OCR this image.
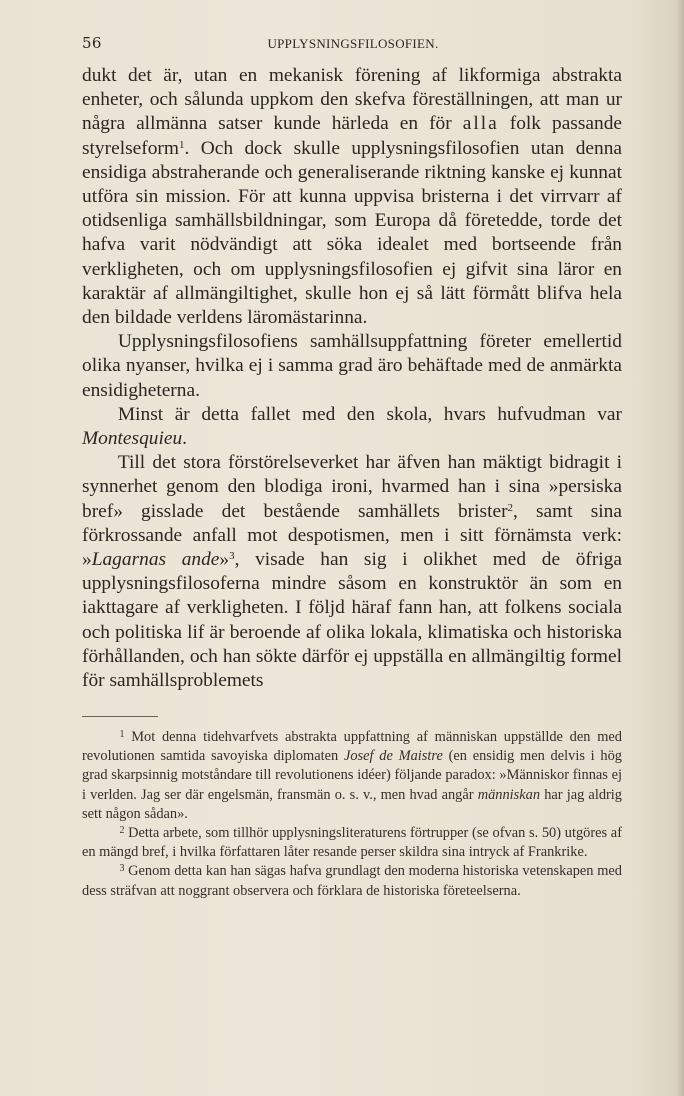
56	UPPLYSNINGSFILOSOFIEN.

dukt det är, utan en mekanisk förening af likformiga abstrakta enheter, och sålunda uppkom den skefva föreställningen, att man ur några allmänna satser kunde härleda en för alla folk passande styrelseform$^1$. Och dock skulle upplysningsfilosofien utan denna ensidiga abstraherande och generaliserande riktning kanske ej kunnat utföra sin mission. För att kunna uppvisa bristerna i det virrvarr af otidsenliga samhällsbildningar, som Europa då företedde, torde det hafva varit nödvändigt att söka idealet med bortseende från verkligheten, och om upplysningsfilosofien ej gifvit sina läror en karaktär af allmängiltighet, skulle hon ej så lätt förmått blifva hela den bildade verldens läromästarinna.

Upplysningsfilosofiens samhällsuppfattning företer emellertid olika nyanser, hvilka ej i samma grad äro behäftade med de anmärkta ensidigheterna.

Minst är detta fallet med den skola, hvars hufvudman var Montesquieu.

Till det stora förstörelseverket har äfven han mäktigt bidragit i synnerhet genom den blodiga ironi, hvarmed han i sina »persiska bref» gisslade det bestående samhällets brister$^2$, samt sina förkrossande anfall mot despotismen, men i sitt förnämsta verk: »Lagarnas ande»$^3$, visade han sig i olikhet med de öfriga upplysningsfilosoferna mindre såsom en konstruktör än som en iakttagare af verkligheten. I följd häraf fann han, att folkens sociala och politiska lif är beroende af olika lokala, klimatiska och historiska förhållanden, och han sökte därför ej uppställa en allmängiltig formel för samhällsproblemets

$^1$ Mot denna tidehvarfvets abstrakta uppfattning af människan uppställde den med revolutionen samtida savoyiska diplomaten Josef de Maistre (en ensidig men delvis i hög grad skarpsinnig motståndare till revolutionens idéer) följande paradox: »Människor finnas ej i verlden. Jag ser där engelsmän, fransmän o. s. v., men hvad angår människan har jag aldrig sett någon sådan».

$^2$ Detta arbete, som tillhör upplysningsliteraturens förtrupper (se ofvan s. 50) utgöres af en mängd bref, i hvilka författaren låter resande perser skildra sina intryck af Frankrike.

$^3$ Genom detta kan han sägas hafva grundlagt den moderna historiska vetenskapen med dess sträfvan att noggrant observera och förklara de historiska företeelserna.
